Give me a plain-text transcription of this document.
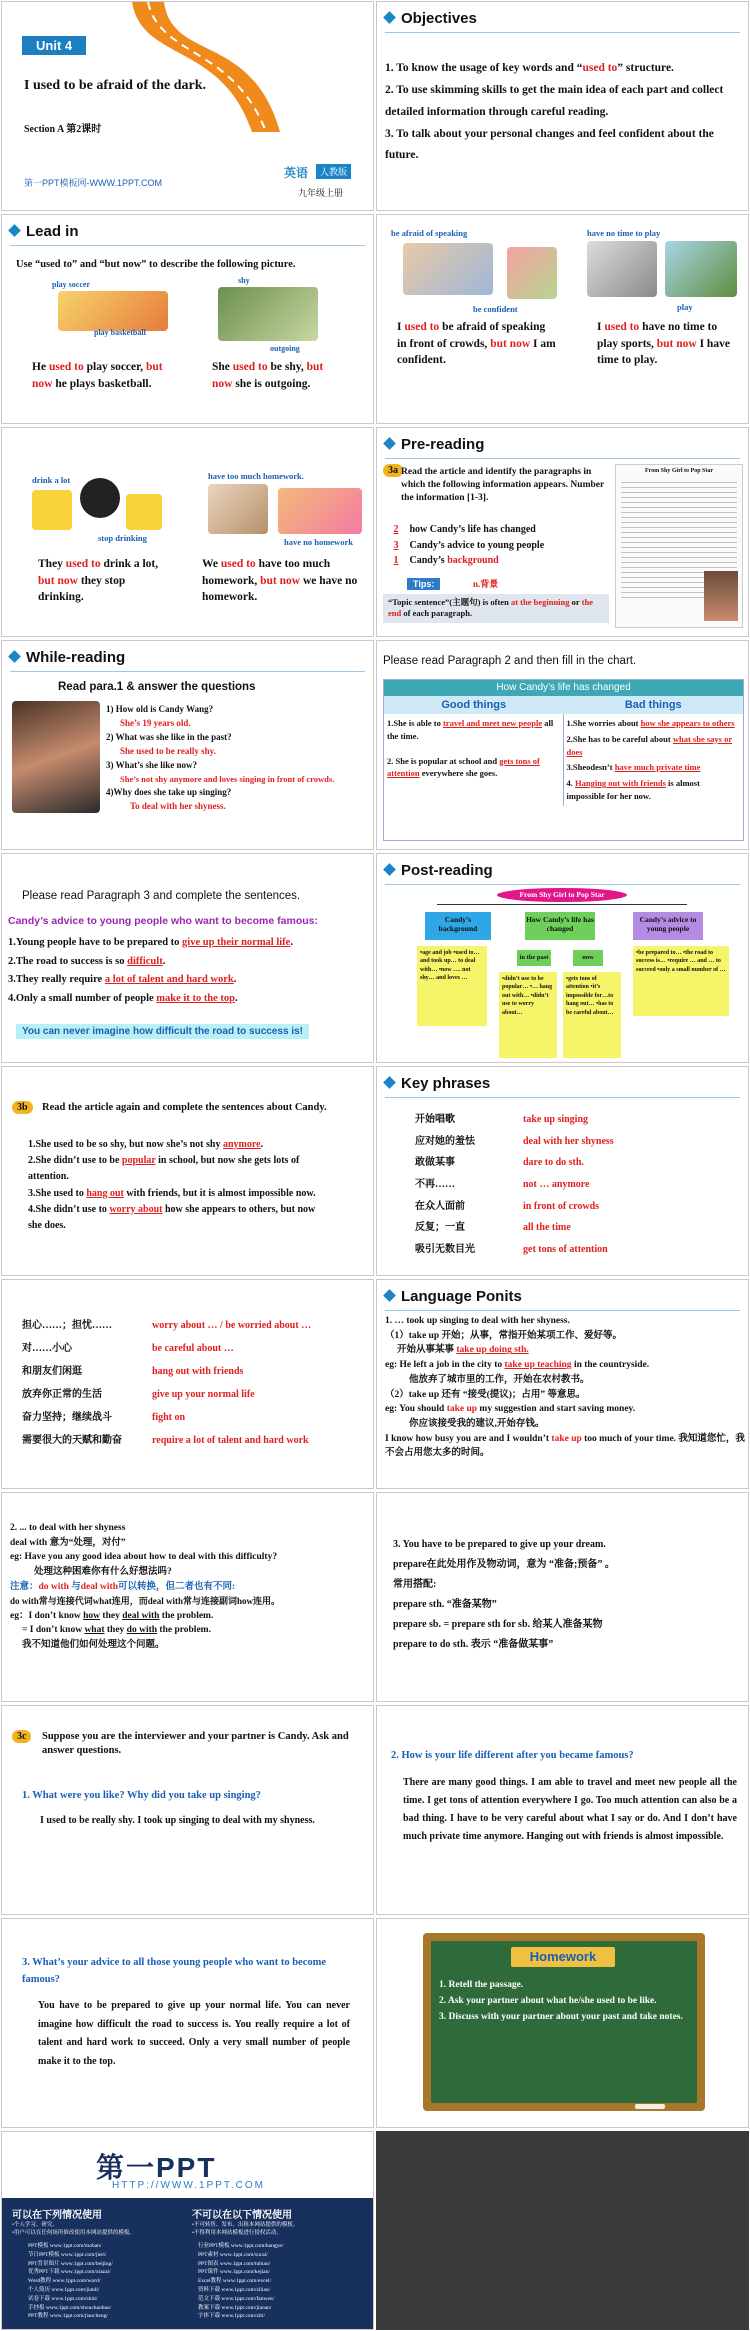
Unit 4
I used to be afraid of the dark.
Section A 第2课时
第一PPT模板网-WWW.1PPT.COM
英语	人教版
九年级上册
Objectives
1. To know the usage of key words and “used to” structure.
2. To use skimming skills to get the main idea of each part and collect detailed information through careful reading.
3. To talk about your personal changes and feel confident about the future.
Lead in
Use “used to” and “but now” to describe the following picture.
play soccer
play basketball
shy
outgoing
He used to play soccer, but
now he plays basketball.
She used to be shy, but
now she is outgoing.
be afraid of speaking
be confident
have no time to play
play
I used to be afraid of speaking in front of crowds, but now I am confident.
I used to have no time to play sports, but now I have time to play.
drink a lot
stop drinking
have too much homework.
have no homework
They used to drink a lot, but now they stop drinking.
We used to have too much homework, but now we have no homework.
Pre-reading
3a Read the article and identify the paragraphs in which the following information appears. Number the information [1-3].
2 how Candy’s life has changed
3 Candy’s advice to young people
1 Candy’s background
Tips:	n.背景
“Topic sentence”(主题句) is often at the beginning or the end of each paragraph.
From Shy Girl to Pop Star
While-reading
Read para.1 & answer the questions
1) How old is Candy Wang?
She’s 19 years old.
2) What was she like in the past?
She used to be really shy.
3) What’s she like now?
She’s not shy anymore and loves singing in front of crowds.
4)Why does she take up singing?
To deal with her shyness.
Please read Paragraph 2 and then fill in the chart.
How Candy’s life has changed
Good things	Bad things
1.She is able to travel and meet new people all the time.
2. She is popular at school and gets tons of attention everywhere she goes.
1.She worries about how she appears to others
2.She has to be careful about what she says or does
3.Sheodesn’t have much private time
4. Hanging out with friends is almost impossible for her now.
Please read Paragraph 3 and complete the sentences.
Candy’s advice to young people who want to become famous:
1.Young people have to be prepared to give up their normal life.
2.The road to success is so difficult.
3.They really require a lot of talent and hard work.
4.Only a small number of people make it to the top.
You can never imagine how difficult the road to success is!
Post-reading
From Shy Girl to Pop Star
Candy’s background
How Candy’s life has changed
Candy’s advice to young people
in the past	now
•age and job •used to… and took up… to deal with… •now …. not shy… and loves …	•didn’t use to be popular… •… hang out with… •didn’t use to worry about…
•gets tons of attention •it’s impossible for…to hang out… •has to be careful about…
•be prepared to… •the road to success is… •require … and … to succeed •only a small number of …
3b	Read the article again and complete the sentences about Candy.
1.She used to be so shy, but now she’s not shy anymore.
2.She didn’t use to be popular in school, but now she gets lots of attention.
3.She used to hang out with friends, but it is almost impossible now.
4.She didn’t use to worry about how she appears to others, but now she does.
Key phrases
开始唱歌	take up singing
应对她的羞怯	deal with her shyness
敢做某事	dare to do sth.
不再……	not … anymore
在众人面前	in front of crowds
反复；一直	all the time
吸引无数目光	get tons of attention
担心……；担忧……	worry about … / be worried about …
对……小心	be careful about …
和朋友们闲逛	hang out with friends
放弃你正常的生活	give up your normal life
奋力坚持；继续战斗	fight on
需要很大的天赋和勤奋	require a lot of talent and hard work
Language Ponits
1. … took up singing to deal with her shyness.
（1）take up 开始；从事，常指开始某项工作、爱好等。
开始从事某事 take up doing sth.
eg: He left a job in the city to take up teaching in the countryside.
他放弃了城市里的工作，开始在农村教书。
（2）take up 还有 “接受(提议)；占用” 等意思。
eg: You should take up my suggestion and start saving money.
你应该接受我的建议,开始存钱。
I know how busy you are and I wouldn’t take up too much of your time. 我知道您忙，我不会占用您太多的时间。
2. ... to deal with her shyness
deal with 意为“处理，对付”
eg: Have you any good idea about how to deal with this difficulty?
处理这种困难你有什么好想法吗?
注意：do with 与deal with可以转换，但二者也有不同:
do with常与连接代词what连用，而deal with常与连接副词how连用。
eg：I don’t know how they deal with the problem.
= I don’t know what they do with the problem.
我不知道他们如何处理这个问题。
3. You have to be prepared to give up your dream.
prepare在此处用作及物动词，意为 “准备;预备” 。
常用搭配:
prepare sth. “准备某物”
prepare sb. = prepare sth for sb. 给某人准备某物
prepare to do sth. 表示 “准备做某事”
3c	Suppose you are the interviewer and your partner is Candy. Ask and answer questions.
1. What were you like? Why did you take up singing?
I used to be really shy. I took up singing to deal with my shyness.
2. How is your life different after you became famous?
There are many good things. I am able to travel and meet new people all the time. I get tons of attention everywhere I go. Too much attention can also be a bad thing. I have to be very careful about what I say or do. And I don’t have much private time anymore. Hanging out with friends is almost impossible.
3. What’s your advice to all those young people who want to become famous?
You have to be prepared to give up your normal life. You can never imagine how difficult the road to success is. You really require a lot of talent and hard work to succeed. Only a very small number of people make it to the top.
Homework
1. Retell the passage.
2. Ask your partner about what he/she used to be like.
3. Discuss with your partner about your past and take notes.
第一PPT
HTTP://WWW.1PPT.COM
可以在下列情况使用
•个人学习、研究。
•用户可以在任何场所修改使用本网站提供的模板。
不可以在以下情况使用
•不可转售、发布、出租本网站提供的模板。
•不得利用本网站模板进行侵权活动。
PPT模板 www.1ppt.com/moban/
节日PPT模板 www.1ppt.com/jieri/
PPT背景图片 www.1ppt.com/beijing/
优秀PPT下载 www.1ppt.com/xiazai/
Word教程 www.1ppt.com/word/
个人简历 www.1ppt.com/jianli/
试卷下载 www.1ppt.com/shiti/
手抄报 www.1ppt.com/shouchaobao/
PPT教程 www.1ppt.com/jiaocheng/
行业PPT模板 www.1ppt.com/hangye/
PPT素材 www.1ppt.com/sucai/
PPT图表 www.1ppt.com/tubiao/
PPT课件 www.1ppt.com/kejian/
Excel教程 www.1ppt.com/excel/
资料下载 www.1ppt.com/ziliao/
范文下载 www.1ppt.com/fanwen/
教案下载 www.1ppt.com/jiaoan/
字体下载 www.1ppt.com/ziti/
